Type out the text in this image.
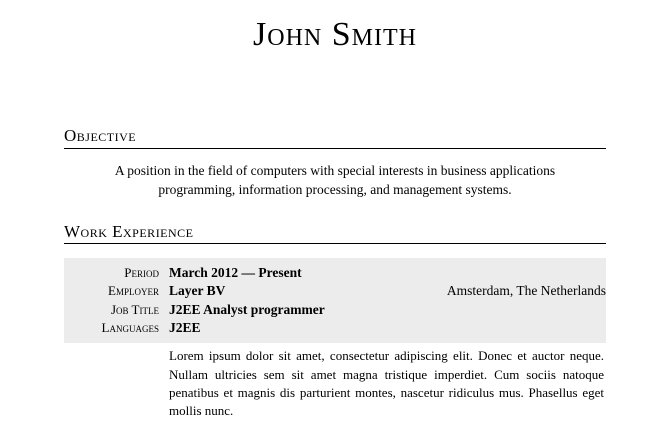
John Smith
Objective
A position in the field of computers with special interests in business applications programming, information processing, and management systems.
Work Experience
Period March 2012 — Present
Employer Layer BV	Amsterdam, The Netherlands
Job Title J2EE Analyst programmer
Languages J2EE
Lorem ipsum dolor sit amet, consectetur adipiscing elit. Donec et auctor neque. Nullam ultricies sem sit amet magna tristique imperdiet. Cum sociis natoque penatibus et magnis dis parturient montes, nascetur ridiculus mus. Phasellus eget mollis nunc.
